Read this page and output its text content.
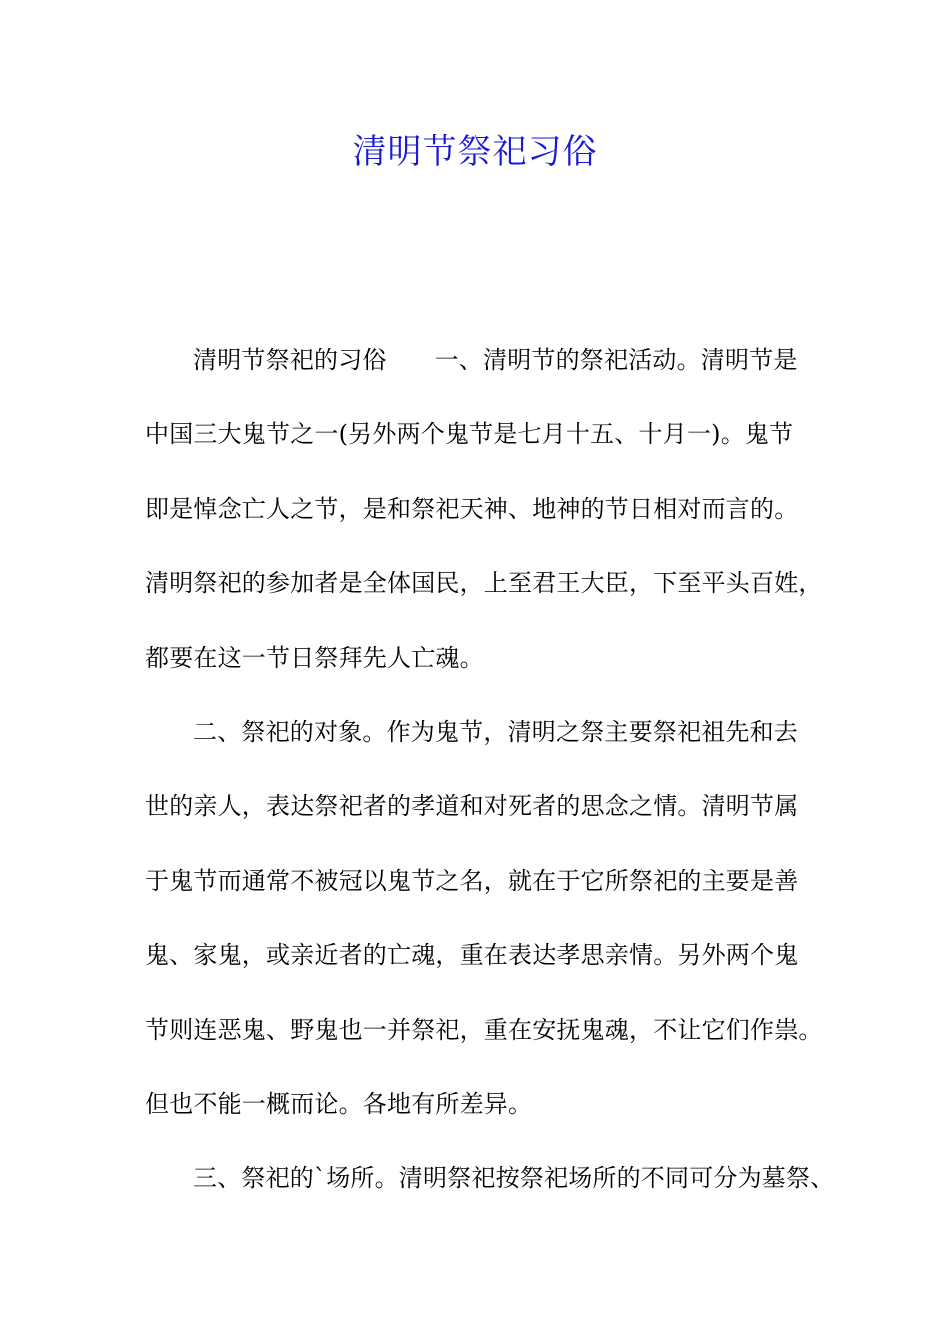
清明节祭祀习俗
清明节祭祀的习俗 一、清明节的祭祀活动。清明节是
中国三大鬼节之一(另外两个鬼节是七月十五、十月一)。鬼节
即是悼念亡人之节，是和祭祀天神、地神的节日相对而言的。
清明祭祀的参加者是全体国民，上至君王大臣，下至平头百姓，
都要在这一节日祭拜先人亡魂。
二、祭祀的对象。作为鬼节，清明之祭主要祭祀祖先和去
世的亲人，表达祭祀者的孝道和对死者的思念之情。清明节属
于鬼节而通常不被冠以鬼节之名，就在于它所祭祀的主要是善
鬼、家鬼，或亲近者的亡魂，重在表达孝思亲情。另外两个鬼
节则连恶鬼、野鬼也一并祭祀，重在安抚鬼魂，不让它们作祟。
但也不能一概而论。各地有所差异。
三、祭祀的`场所。清明祭祀按祭祀场所的不同可分为墓祭、
